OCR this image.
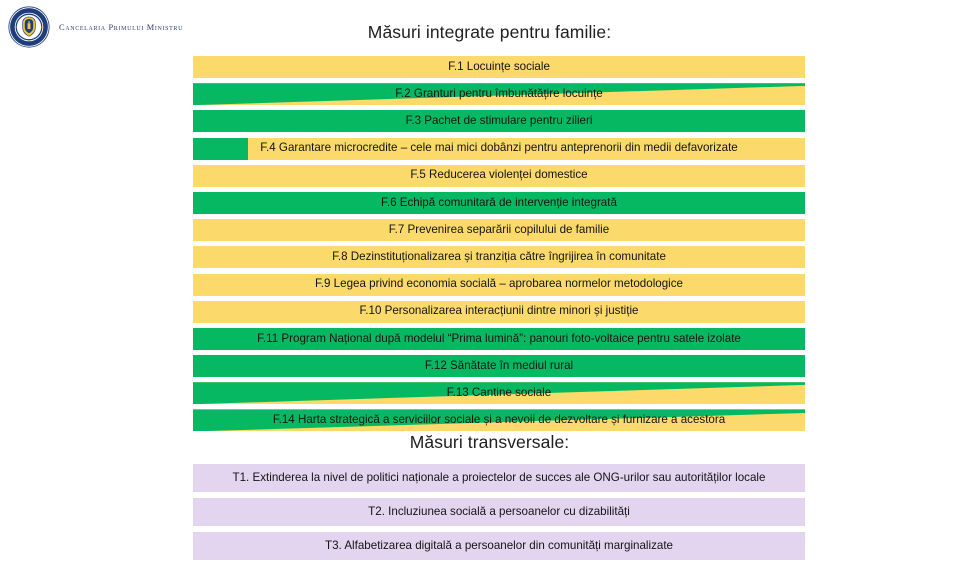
Cancelaria Primului Ministru	Măsuri integrate pentru familie:
F.1 Locuințe sociale
F.2 Granturi pentru îmbunătățire locuințe
F.3 Pachet de stimulare pentru zilieri
F.4 Garantare microcredite – cele mai mici dobânzi pentru anteprenorii din medii defavorizate
F.5 Reducerea violenței domestice
F.6 Echipă comunitară de intervenție integrată
F.7 Prevenirea separării copilului de familie
F.8 Dezinstituționalizarea și tranziția către îngrijirea în comunitate
F.9 Legea privind economia socială – aprobarea normelor metodologice
F.10 Personalizarea interacțiunii dintre minori și justiție
F.11 Program Național după modelul “Prima lumină”: panouri foto-voltaice pentru satele izolate
F.12 Sănătate în mediul rural
F.13 Cantine sociale
F.14 Harta strategică a serviciilor sociale și a nevoii de dezvoltare și furnizare a acestora
Măsuri transversale:
T1. Extinderea la nivel de politici naționale a proiectelor de succes ale ONG-urilor sau autorităților locale
T2. Incluziunea socială a persoanelor cu dizabilități
T3. Alfabetizarea digitală a persoanelor din comunități marginalizate
